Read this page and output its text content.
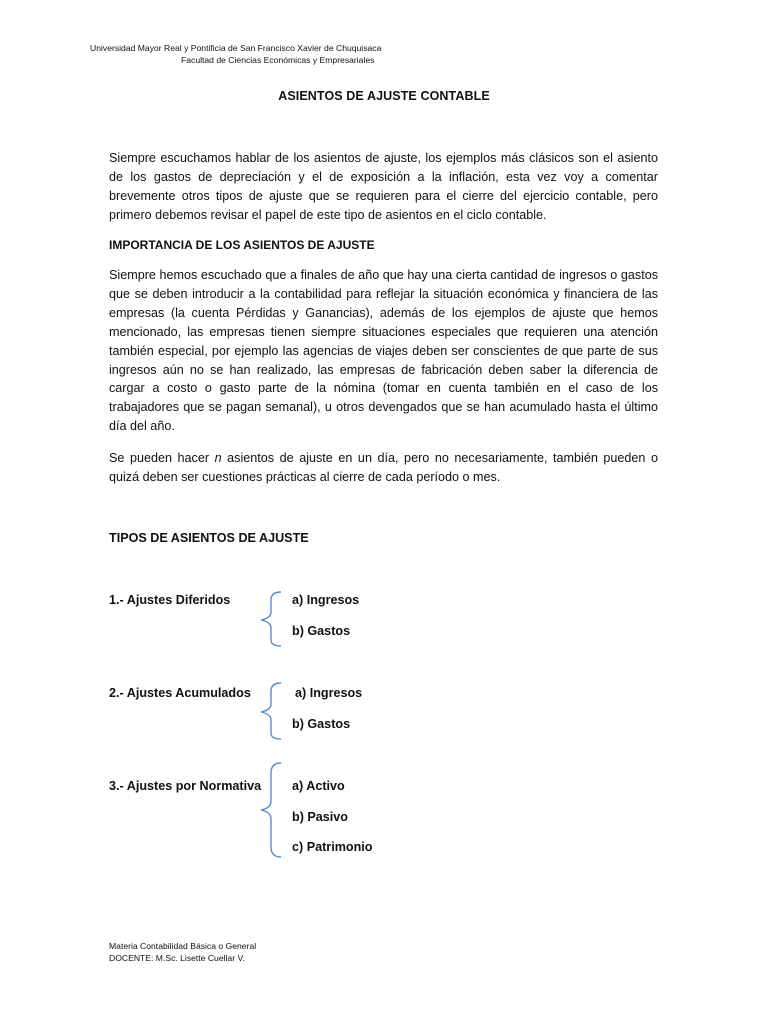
Universidad Mayor Real y Pontificia de San Francisco Xavier de Chuquisaca
Facultad de Ciencias Económicas y Empresariales
ASIENTOS DE AJUSTE CONTABLE
Siempre escuchamos hablar de los asientos de ajuste, los ejemplos más clásicos son el asiento de los gastos de depreciación y el de exposición a la inflación, esta vez voy a comentar brevemente otros tipos de ajuste que se requieren para el cierre del ejercicio contable, pero primero debemos revisar el papel de este tipo de asientos en el ciclo contable.
IMPORTANCIA DE LOS ASIENTOS DE AJUSTE
Siempre hemos escuchado que a finales de año que hay una cierta cantidad de ingresos o gastos que se deben introducir a la contabilidad para reflejar la situación económica y financiera de las empresas (la cuenta Pérdidas y Ganancias), además de los ejemplos de ajuste que hemos mencionado, las empresas tienen siempre situaciones especiales que requieren una atención también especial, por ejemplo las agencias de viajes deben ser conscientes de que parte de sus ingresos aún no se han realizado, las empresas de fabricación deben saber la diferencia de cargar a costo o gasto parte de la nómina (tomar en cuenta también en el caso de los trabajadores que se pagan semanal), u otros devengados que se han acumulado hasta el último día del año.
Se pueden hacer n asientos de ajuste en un día, pero no necesariamente, también pueden o quizá deben ser cuestiones prácticas al cierre de cada período o mes.
TIPOS DE ASIENTOS DE AJUSTE
1.- Ajustes Diferidos	a) Ingresos
b) Gastos
2.- Ajustes Acumulados	a) Ingresos
b) Gastos
3.- Ajustes por Normativa a) Activo
b) Pasivo
c) Patrimonio
Materia Contabilidad Básica o General
DOCENTE: M.Sc. Lisette Cuellar V.
